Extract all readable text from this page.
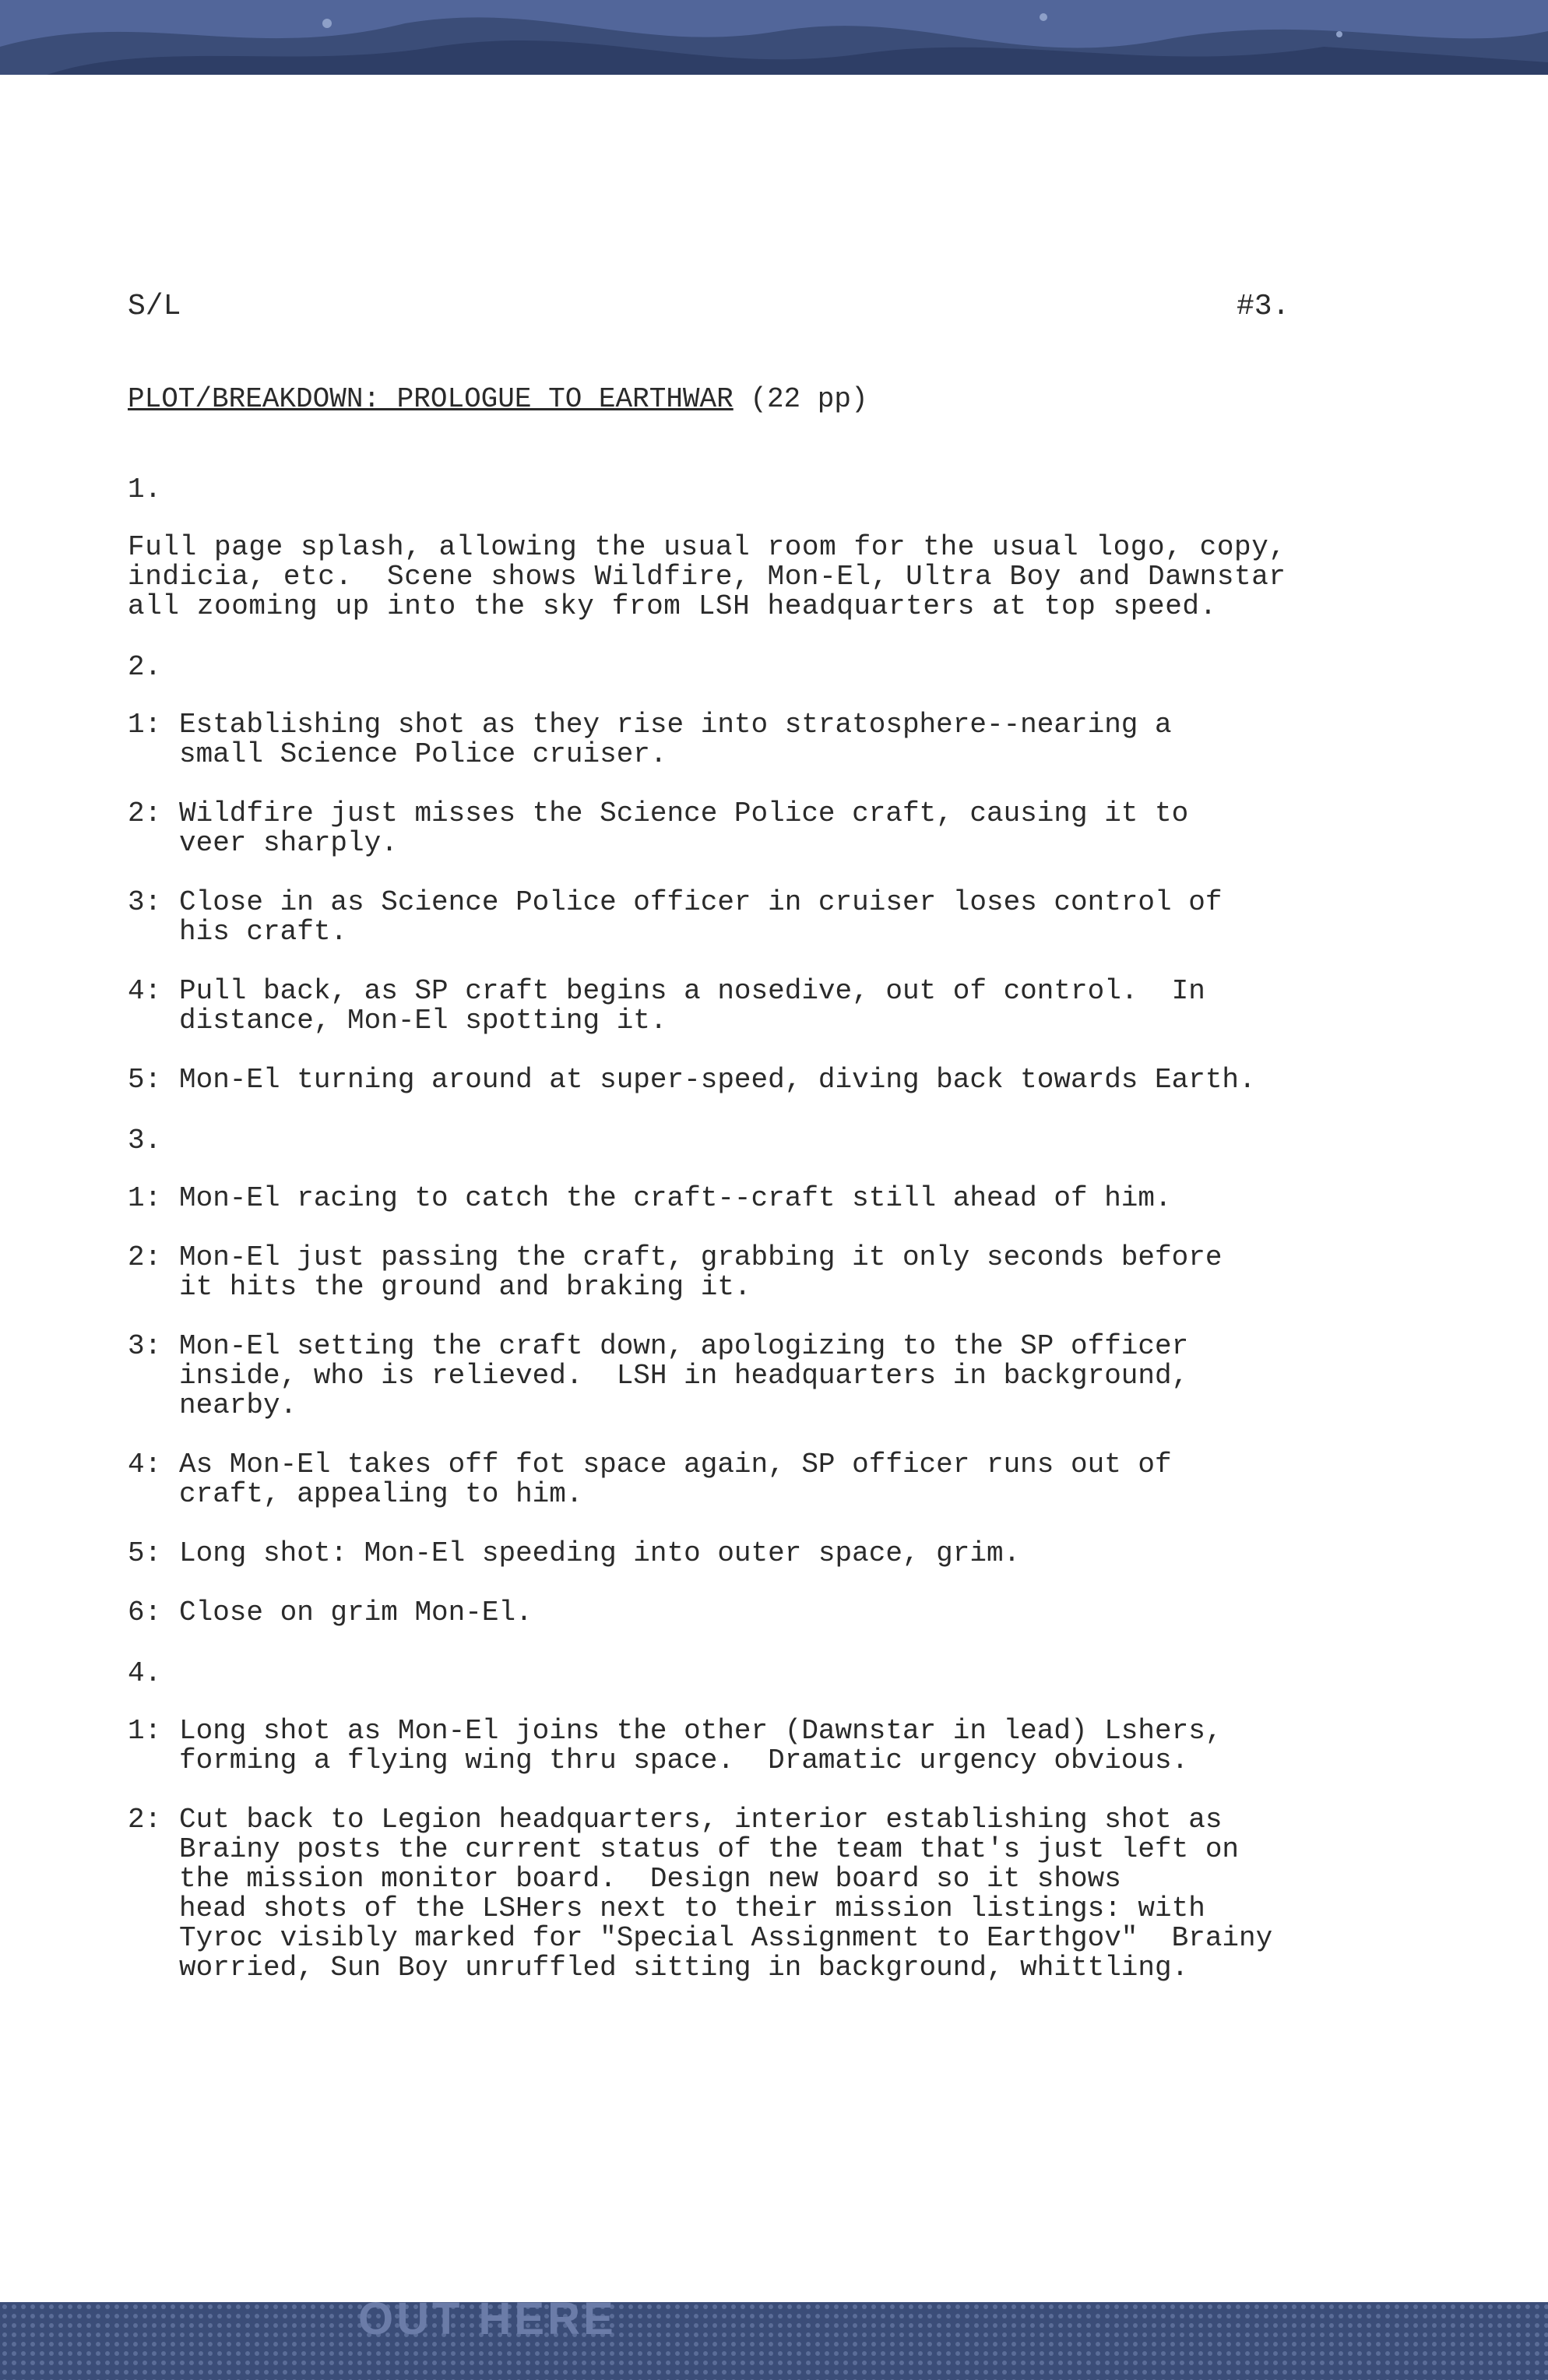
S/L	#3.
PLOT/BREAKDOWN: PROLOGUE TO EARTHWAR (22 pp)
1.
Full page splash, allowing the usual room for the usual logo, copy,
indicia, etc.  Scene shows Wildfire, Mon-El, Ultra Boy and Dawnstar
all zooming up into the sky from LSH headquarters at top speed.
2.
1: Establishing shot as they rise into stratosphere--nearing a
small Science Police cruiser.
2: Wildfire just misses the Science Police craft, causing it to
veer sharply.
3: Close in as Science Police officer in cruiser loses control of
his craft.
4: Pull back, as SP craft begins a nosedive, out of control.  In
distance, Mon-El spotting it.
5: Mon-El turning around at super-speed, diving back towards Earth.
3.
1: Mon-El racing to catch the craft--craft still ahead of him.
2: Mon-El just passing the craft, grabbing it only seconds before
it hits the ground and braking it.
3: Mon-El setting the craft down, apologizing to the SP officer
inside, who is relieved.  LSH in headquarters in background,
nearby.
4: As Mon-El takes off fot space again, SP officer runs out of
craft, appealing to him.
5: Long shot: Mon-El speeding into outer space, grim.
6: Close on grim Mon-El.
4.
1: Long shot as Mon-El joins the other (Dawnstar in lead) Lshers,
forming a flying wing thru space.  Dramatic urgency obvious.
2: Cut back to Legion headquarters, interior establishing shot as
Brainy posts the current status of the team that's just left on
the mission monitor board.  Design new board so it shows
head shots of the LSHers next to their mission listings: with
Tyroc visibly marked for "Special Assignment to Earthgov"  Brainy
worried, Sun Boy unruffled sitting in background, whittling.
OUT HERE
